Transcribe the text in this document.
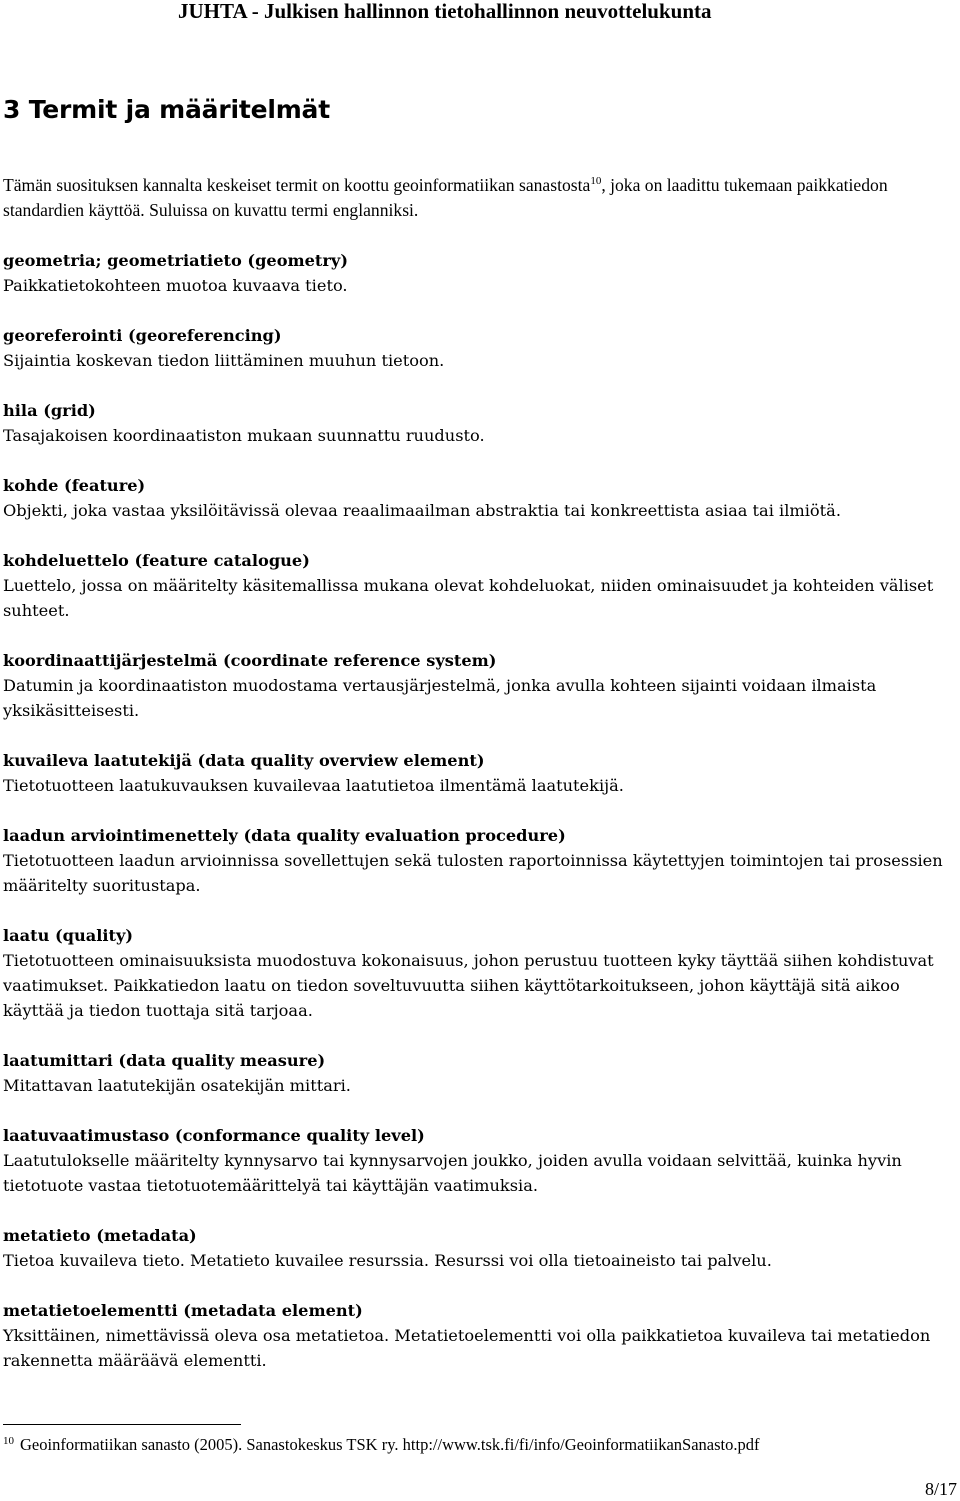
JUHTA - Julkisen hallinnon tietohallinnon neuvottelukunta
3 Termit ja määritelmät

Tämän suosituksen kannalta keskeiset termit on koottu geoinformatiikan sanastosta$^{10}$, joka on laadittu tukemaan paikkatiedon standardien käyttöä. Suluissa on kuvattu termi englanniksi.

geometria; geometriatieto (geometry)
Paikkatietokohteen muotoa kuvaava tieto.
georeferointi (georeferencing)
Sijaintia koskevan tiedon liittäminen muuhun tietoon.
hila (grid)
Tasajakoisen koordinaatiston mukaan suunnattu ruudusto.
kohde (feature)
Objekti, joka vastaa yksilöitävissä olevaa reaalimaailman abstraktia tai konkreettista asiaa tai ilmiötä.
kohdeluettelo (feature catalogue)
Luettelo, jossa on määritelty käsitemallissa mukana olevat kohdeluokat, niiden ominaisuudet ja kohteiden väliset suhteet.
koordinaattijärjestelmä (coordinate reference system)
Datumin ja koordinaatiston muodostama vertausjärjestelmä, jonka avulla kohteen sijainti voidaan ilmaista yksikäsitteisesti.
kuvaileva laatutekijä (data quality overview element)
Tietotuotteen laatukuvauksen kuvailevaa laatutietoa ilmentämä laatutekijä.
laadun arviointimenettely (data quality evaluation procedure)
Tietotuotteen laadun arvioinnissa sovellettujen sekä tulosten raportoinnissa käytettyjen toimintojen tai prosessien määritelty suoritustapa.
laatu (quality)
Tietotuotteen ominaisuuksista muodostuva kokonaisuus, johon perustuu tuotteen kyky täyttää siihen kohdistuvat vaatimukset. Paikkatiedon laatu on tiedon soveltuvuutta siihen käyttötarkoitukseen, johon käyttäjä sitä aikoo käyttää ja tiedon tuottaja sitä tarjoaa.
laatumittari (data quality measure)
Mitattavan laatutekijän osatekijän mittari.
laatuvaatimustaso (conformance quality level)
Laatutulokselle määritelty kynnysarvo tai kynnysarvojen joukko, joiden avulla voidaan selvittää, kuinka hyvin tietotuote vastaa tietotuotemäärittelyä tai käyttäjän vaatimuksia.
metatieto (metadata)
Tietoa kuvaileva tieto. Metatieto kuvailee resurssia. Resurssi voi olla tietoaineisto tai palvelu.
metatietoelementti (metadata element)
Yksittäinen, nimettävissä oleva osa metatietoa. Metatietoelementti voi olla paikkatietoa kuvaileva tai metatiedon rakennetta määräävä elementti.
$^{10}$ Geoinformatiikan sanasto (2005). Sanastokeskus TSK ry. http://www.tsk.fi/fi/info/GeoinformatiikanSanasto.pdf
8/17
